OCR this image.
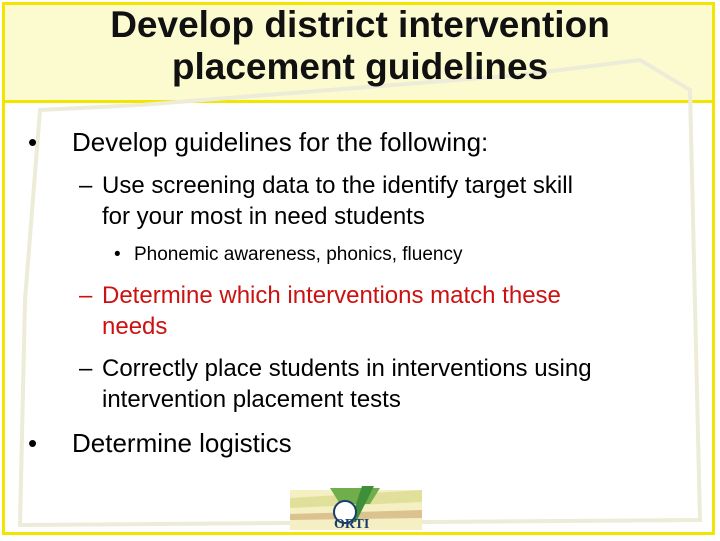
Develop district intervention
placement guidelines
• Develop guidelines for the following:
– Use screening data to the identify target skill
for your most in need students
• Phonemic awareness, phonics, fluency
– Determine which interventions match these
needs
– Correctly place students in interventions using
intervention placement tests
• Determine logistics
ORTI
